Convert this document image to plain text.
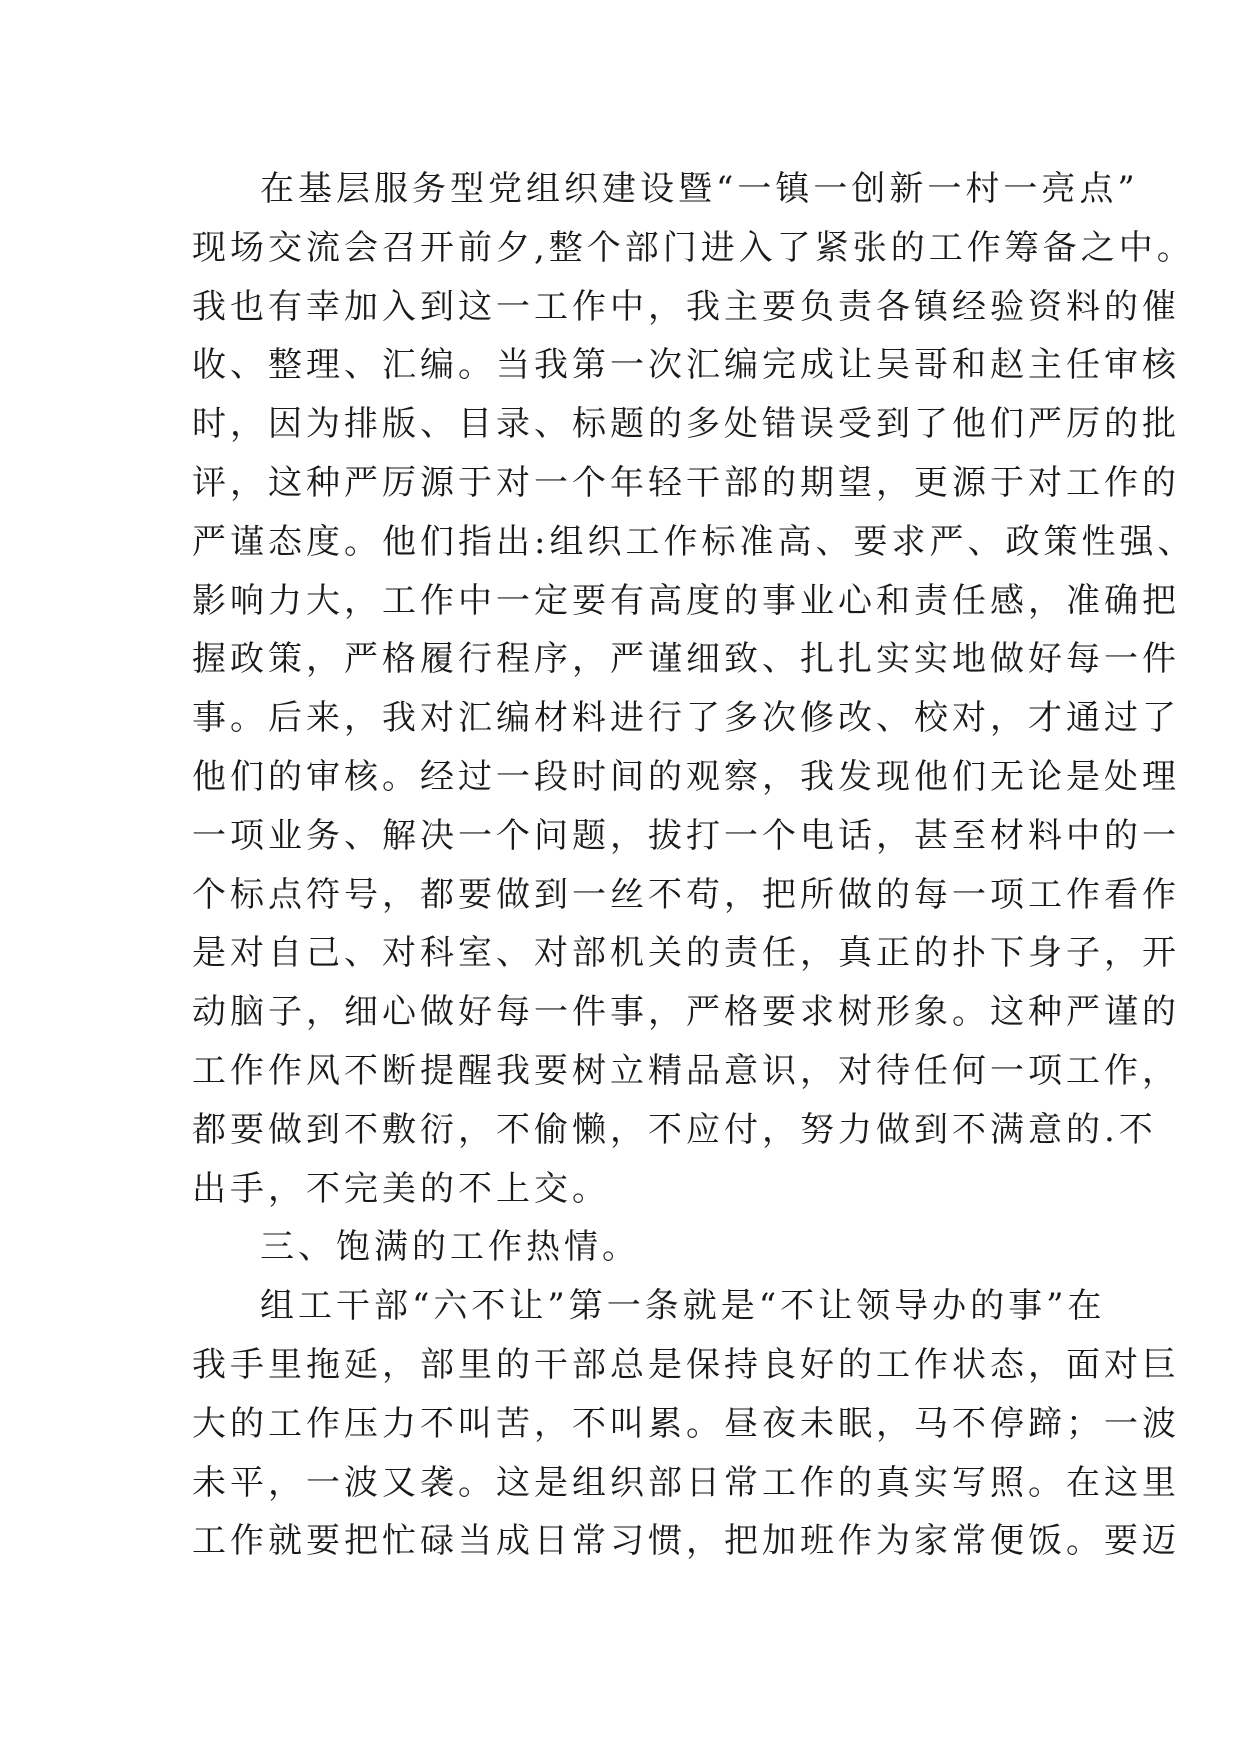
在基层服务型党组织建设暨“一镇一创新一村一亮点”
现场交流会召开前夕,整个部门进入了紧张的工作筹备之中。
我也有幸加入到这一工作中，我主要负责各镇经验资料的催
收、整理、汇编。当我第一次汇编完成让吴哥和赵主任审核
时，因为排版、目录、标题的多处错误受到了他们严厉的批
评，这种严厉源于对一个年轻干部的期望，更源于对工作的
严谨态度。他们指出:组织工作标准高、要求严、政策性强、
影响力大，工作中一定要有高度的事业心和责任感，准确把
握政策，严格履行程序，严谨细致、扎扎实实地做好每一件
事。后来，我对汇编材料进行了多次修改、校对，才通过了
他们的审核。经过一段时间的观察，我发现他们无论是处理
一项业务、解决一个问题，拔打一个电话，甚至材料中的一
个标点符号，都要做到一丝不苟，把所做的每一项工作看作
是对自己、对科室、对部机关的责任，真正的扑下身子，开
动脑子，细心做好每一件事，严格要求树形象。这种严谨的
工作作风不断提醒我要树立精品意识，对待任何一项工作，
都要做到不敷衍，不偷懒，不应付，努力做到不满意的.不
出手，不完美的不上交。
三、饱满的工作热情。
组工干部“六不让”第一条就是“不让领导办的事”在
我手里拖延，部里的干部总是保持良好的工作状态，面对巨
大的工作压力不叫苦，不叫累。昼夜未眠，马不停蹄；一波
未平，一波又袭。这是组织部日常工作的真实写照。在这里
工作就要把忙碌当成日常习惯，把加班作为家常便饭。要迈
